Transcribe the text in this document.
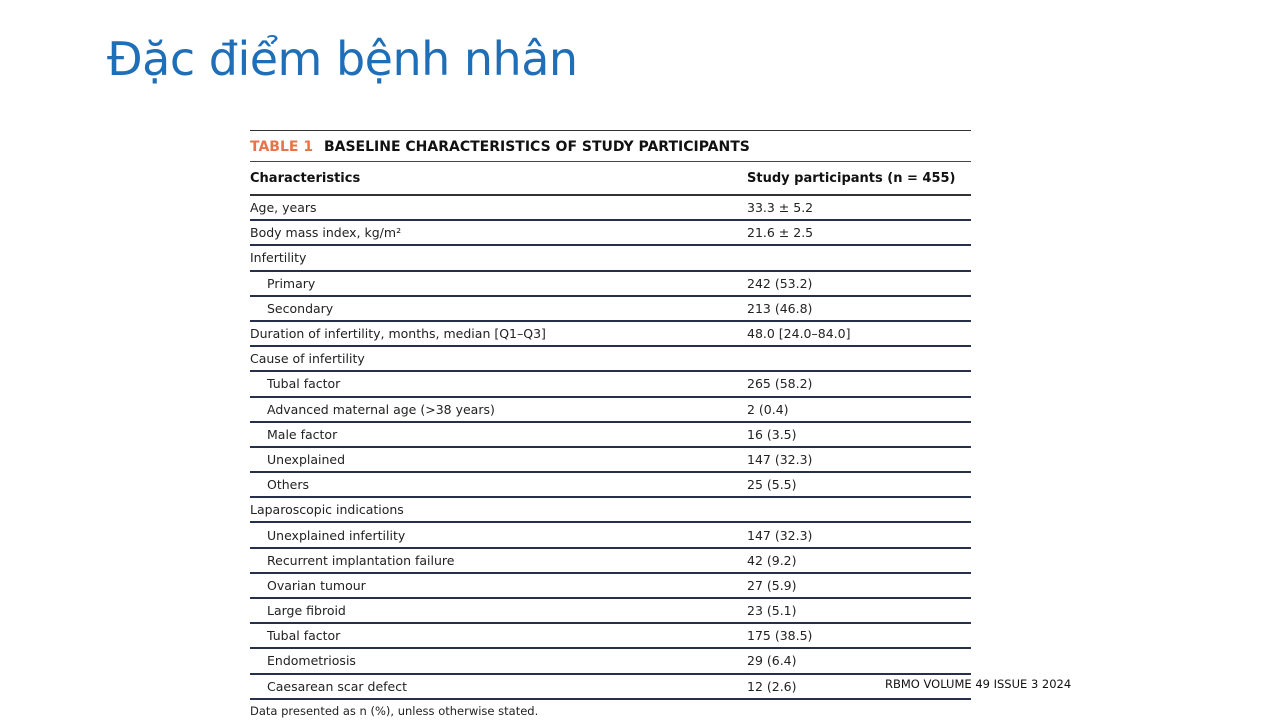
Đặc điểm bệnh nhân
TABLE 1 BASELINE CHARACTERISTICS OF STUDY PARTICIPANTS
Characteristics	Study participants (n = 455)
Age, years	33.3 ± 5.2
Body mass index, kg/m²	21.6 ± 2.5
Infertility
Primary	242 (53.2)
Secondary	213 (46.8)
Duration of infertility, months, median [Q1–Q3]	48.0 [24.0–84.0]
Cause of infertility
Tubal factor	265 (58.2)
Advanced maternal age (>38 years)	2 (0.4)
Male factor	16 (3.5)
Unexplained	147 (32.3)
Others	25 (5.5)
Laparoscopic indications
Unexplained infertility	147 (32.3)
Recurrent implantation failure	42 (9.2)
Ovarian tumour	27 (5.9)
Large fibroid	23 (5.1)
Tubal factor	175 (38.5)
Endometriosis	29 (6.4)
Caesarean scar defect	12 (2.6)
Data presented as n (%), unless otherwise stated.
RBMO VOLUME 49 ISSUE 3 2024
